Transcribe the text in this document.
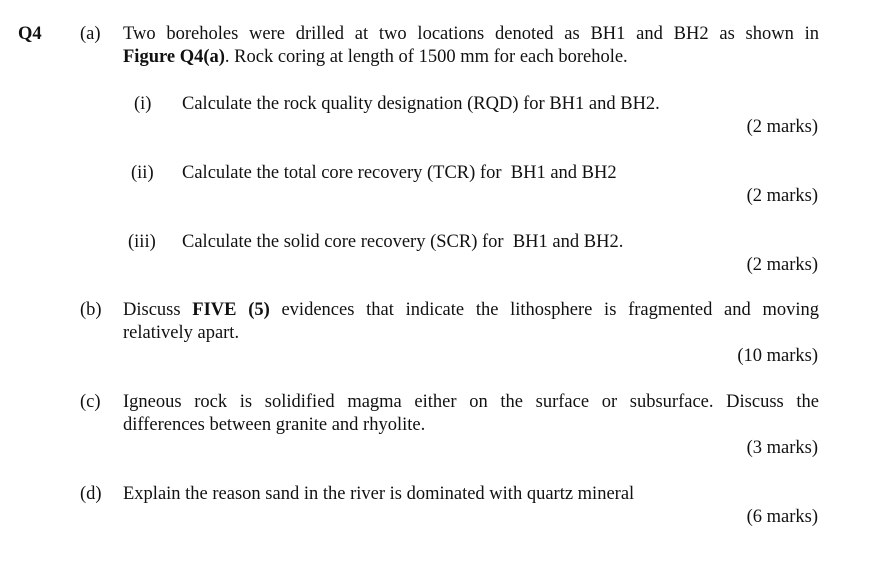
Q4 (a) Two boreholes were drilled at two locations denoted as BH1 and BH2 as shown in
Figure Q4(a). Rock coring at length of 1500 mm for each borehole.
(i) Calculate the rock quality designation (RQD) for BH1 and BH2.
(2 marks)
(ii) Calculate the total core recovery (TCR) for  BH1 and BH2
(2 marks)
(iii) Calculate the solid core recovery (SCR) for  BH1 and BH2.
(2 marks)
(b) Discuss FIVE (5) evidences that indicate the lithosphere is fragmented and moving
relatively apart.
(10 marks)
(c) Igneous rock is solidified magma either on the surface or subsurface. Discuss the
differences between granite and rhyolite.
(3 marks)
(d) Explain the reason sand in the river is dominated with quartz mineral
(6 marks)
